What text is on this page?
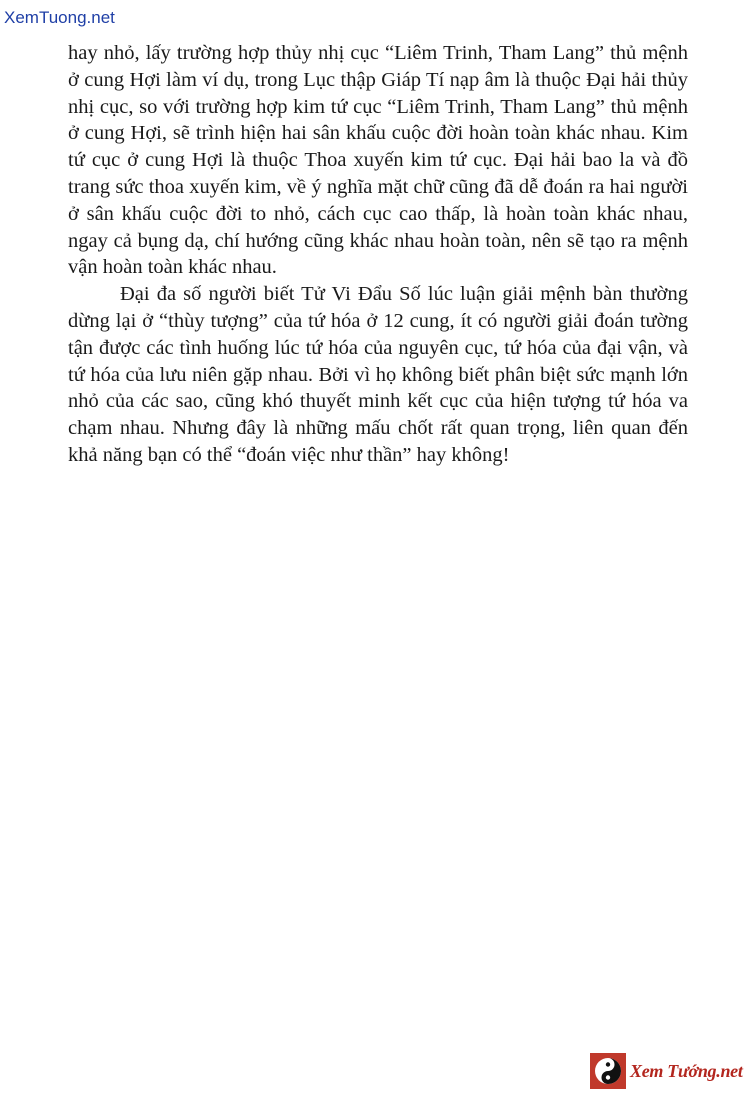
XemTuong.net

hay nhỏ, lấy trường hợp thủy nhị cục “Liêm Trinh, Tham Lang” thủ mệnh ở cung Hợi làm ví dụ, trong Lục thập Giáp Tí nạp âm là thuộc Đại hải thủy nhị cục, so với trường hợp kim tứ cục “Liêm Trinh, Tham Lang” thủ mệnh ở cung Hợi, sẽ trình hiện hai sân khấu cuộc đời hoàn toàn khác nhau. Kim tứ cục ở cung Hợi là thuộc Thoa xuyến kim tứ cục. Đại hải bao la và đồ trang sức thoa xuyến kim, về ý nghĩa mặt chữ cũng đã dễ đoán ra hai người ở sân khấu cuộc đời to nhỏ, cách cục cao thấp, là hoàn toàn khác nhau, ngay cả bụng dạ, chí hướng cũng khác nhau hoàn toàn, nên sẽ tạo ra mệnh vận hoàn toàn khác nhau.

Đại đa số người biết Tử Vi Đẩu Số lúc luận giải mệnh bàn thường dừng lại ở “thùy tượng” của tứ hóa ở 12 cung, ít có người giải đoán tường tận được các tình huống lúc tứ hóa của nguyên cục, tứ hóa của đại vận, và tứ hóa của lưu niên gặp nhau. Bởi vì họ không biết phân biệt sức mạnh lớn nhỏ của các sao, cũng khó thuyết minh kết cục của hiện tượng tứ hóa va chạm nhau. Nhưng đây là những mấu chốt rất quan trọng, liên quan đến khả năng bạn có thể “đoán việc như thần” hay không!

Xem Tướng.net
